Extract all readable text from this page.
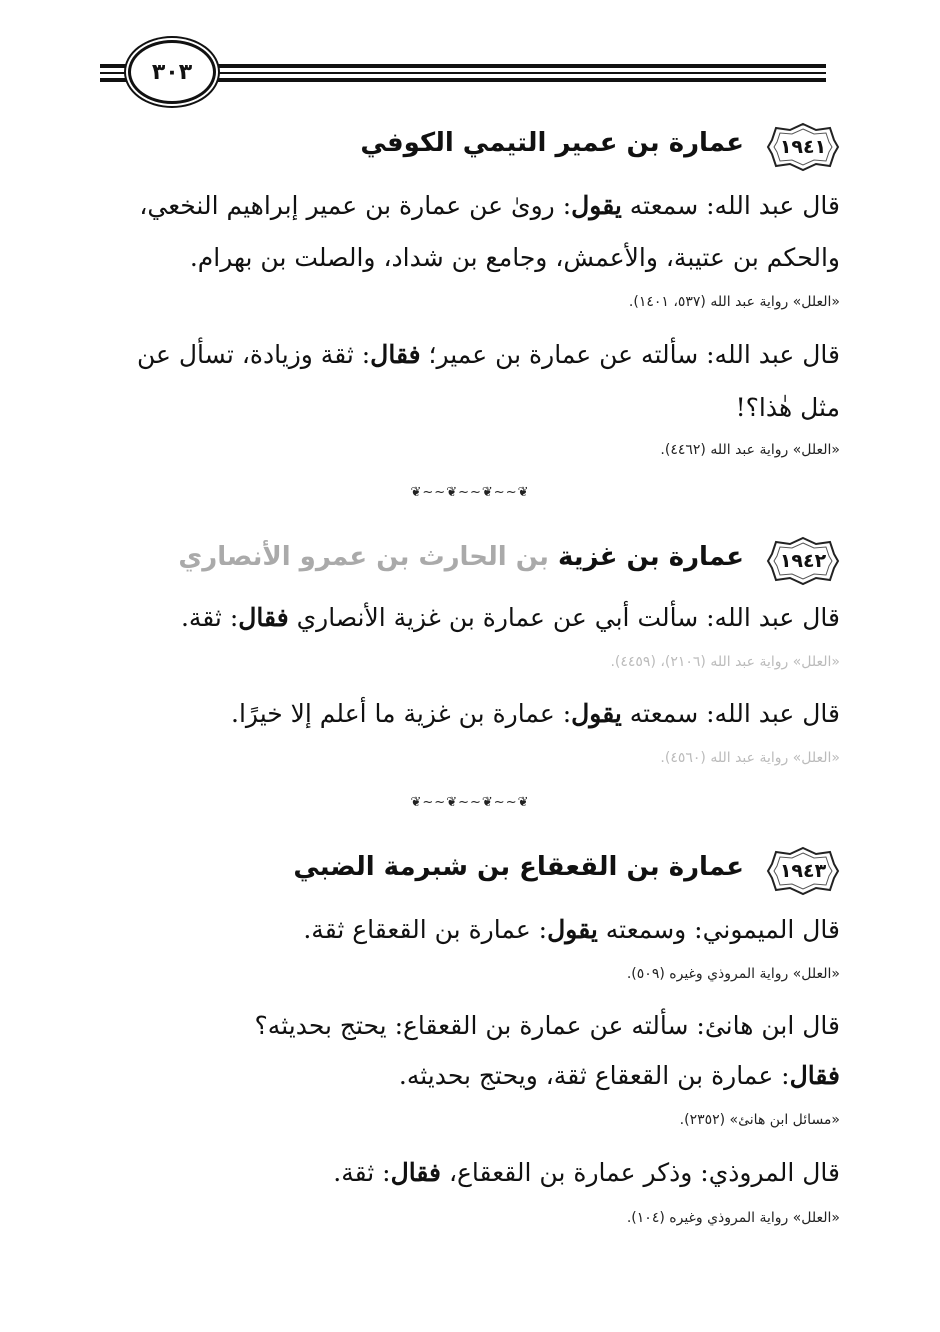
٣٠٣
١٩٤١
عمارة بن عمير التيمي الكوفي
قال عبد الله: سمعته يقول: رویٰ عن عمارة بن عمير إبراهيم النخعي،
والحكم بن عتيبة، والأعمش، وجامع بن شداد، والصلت بن بهرام.
«العلل» رواية عبد الله (٥٣٧، ١٤٠١).
قال عبد الله: سألته عن عمارة بن عمير؛ فقال: ثقة وزيادة، تسأل عن
مثل هٰذا؟!
«العلل» رواية عبد الله (٤٤٦٢).
❦~~❦~~❦~~❦
١٩٤٢
عمارة بن غزية بن الحارث بن عمرو الأنصاري
قال عبد الله: سألت أبي عن عمارة بن غزية الأنصاري فقال: ثقة.
«العلل» رواية عبد الله (٢١٠٦)، (٤٤٥٩).
قال عبد الله: سمعته يقول: عمارة بن غزية ما أعلم إلا خيرًا.
«العلل» رواية عبد الله (٤٥٦٠).
❦~~❦~~❦~~❦
١٩٤٣
عمارة بن القعقاع بن شبرمة الضبي
قال الميموني: وسمعته يقول: عمارة بن القعقاع ثقة.
«العلل» رواية المروذي وغيره (٥٠٩).
قال ابن هانئ: سألته عن عمارة بن القعقاع: يحتج بحديثه؟
فقال: عمارة بن القعقاع ثقة، ويحتج بحديثه.
«مسائل ابن هانئ» (٢٣٥٢).
قال المروذي: وذكر عمارة بن القعقاع، فقال: ثقة.
«العلل» رواية المروذي وغيره (١٠٤).
